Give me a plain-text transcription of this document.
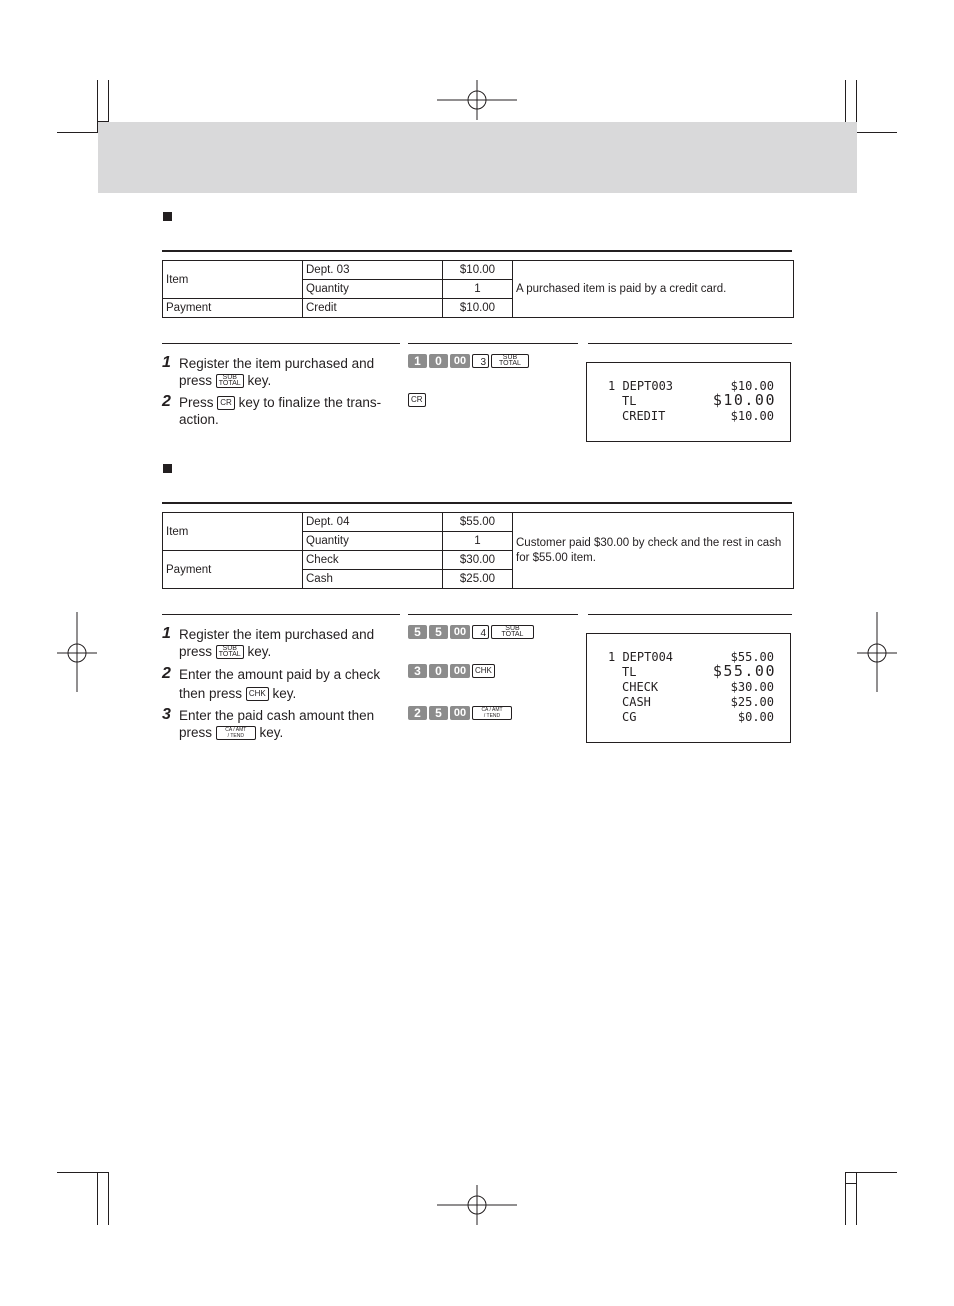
Item	Dept. 03	$10.00	A purchased item is paid by a credit card.
	Quantity	1	
Payment	Credit	$10.00	
1 Register the item purchased and press SUB
TOTAL key.
2 Press CR key to finalize the trans-action.
1	0	00	3	SUB
TOTAL
CR
1 DEPT003	$10.00
TL	$10.00
CREDIT	$10.00
Item	Dept. 04	$55.00	Customer paid $30.00 by check and the rest in cash for $55.00 item.
	Quantity	1	
Payment	Check	$30.00	
	Cash	$25.00	
1 Register the item purchased and press SUB
TOTAL key.
2 Enter the amount paid by a check then press CHK key.
3 Enter the paid cash amount then press	CA / AMT
/ TEND key.
5	5	00	4	SUB
TOTAL
3	0	00	CHK
2	5	00	CA / AMT
/ TEND
1 DEPT004	$55.00
TL	$55.00
CHECK	$30.00
CASH	$25.00
CG	$0.00
